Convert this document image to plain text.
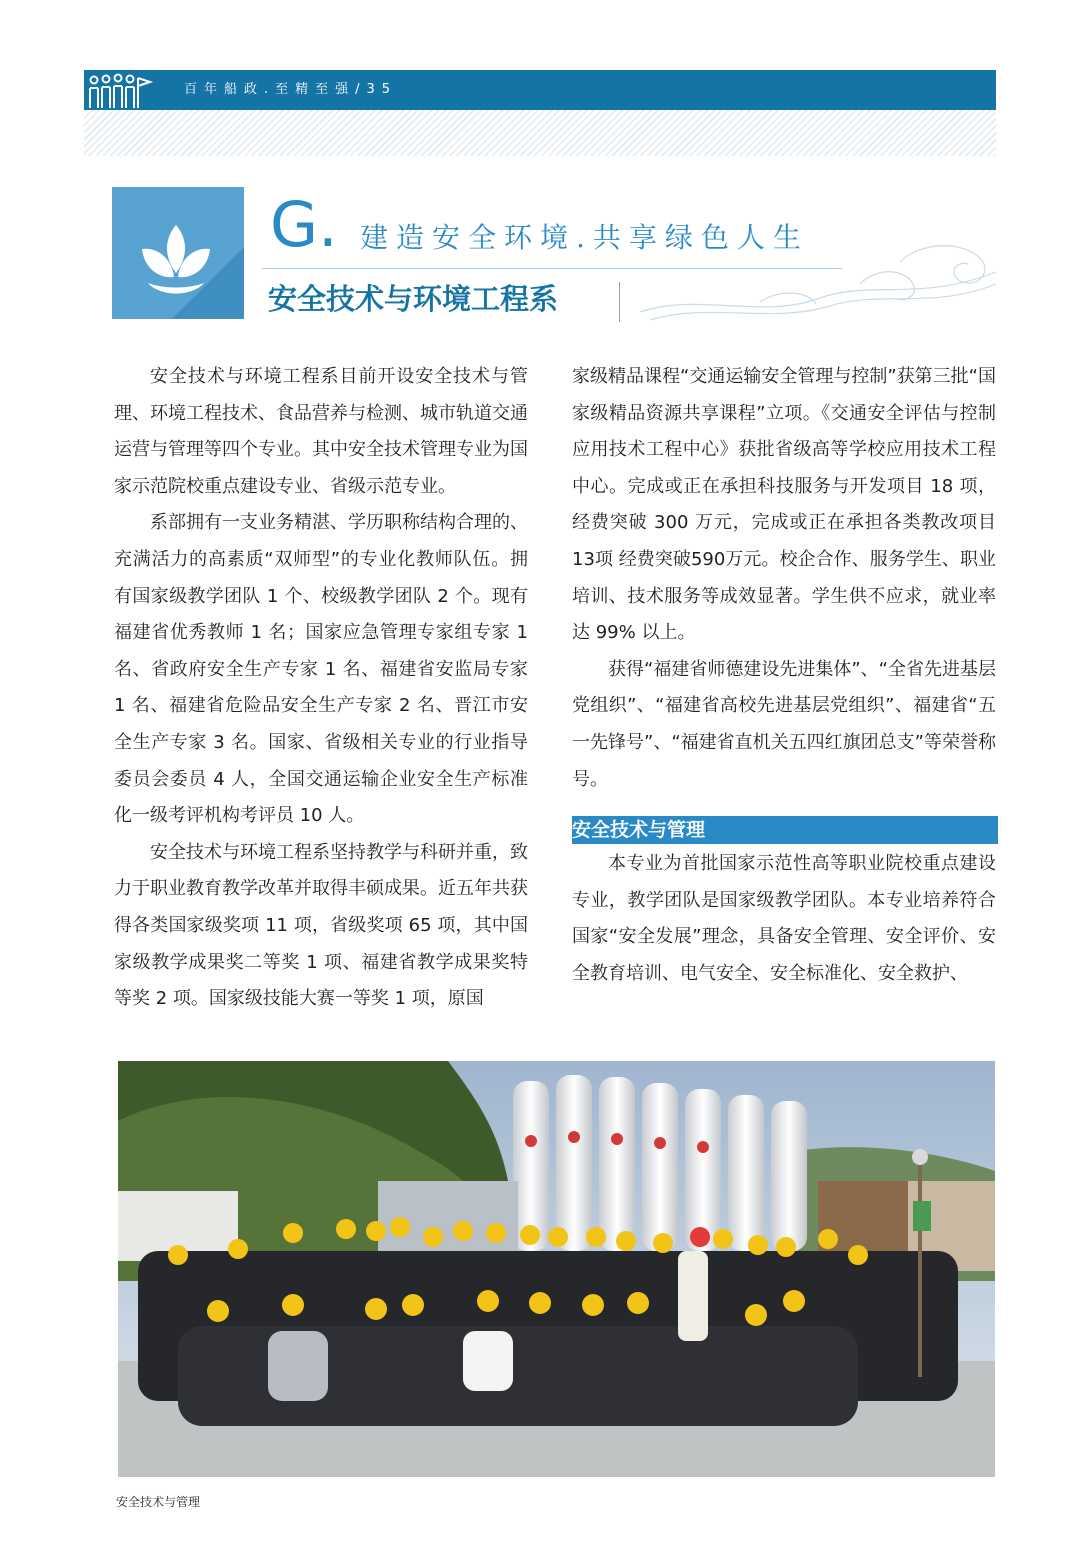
百年船政.至精至强/35
G. 建造安全环境.共享绿色人生
安全技术与环境工程系

安全技术与环境工程系目前开设安全技术与管理、环境工程技术、食品营养与检测、城市轨道交通运营与管理等四个专业。其中安全技术管理专业为国家示范院校重点建设专业、省级示范专业。

系部拥有一支业务精湛、学历职称结构合理的、充满活力的高素质“双师型”的专业化教师队伍。拥有国家级教学团队 1 个、校级教学团队 2 个。现有福建省优秀教师 1 名；国家应急管理专家组专家 1 名、省政府安全生产专家 1 名、福建省安监局专家 1 名、福建省危险品安全生产专家 2 名、晋江市安全生产专家 3 名。国家、省级相关专业的行业指导委员会委员 4 人，全国交通运输企业安全生产标准化一级考评机构考评员 10 人。

安全技术与环境工程系坚持教学与科研并重，致力于职业教育教学改革并取得丰硕成果。近五年共获得各类国家级奖项 11 项，省级奖项 65 项，其中国家级教学成果奖二等奖 1 项、福建省教学成果奖特等奖 2 项。国家级技能大赛一等奖 1 项，原国

家级精品课程“交通运输安全管理与控制”获第三批“国家级精品资源共享课程”立项。《交通安全评估与控制应用技术工程中心》获批省级高等学校应用技术工程中心。完成或正在承担科技服务与开发项目 18 项，经费突破 300 万元，完成或正在承担各类教改项目13项 经费突破590万元。校企合作、服务学生、职业培训、技术服务等成效显著。学生供不应求，就业率达 99% 以上。

获得“福建省师德建设先进集体”、“全省先进基层党组织”、“福建省高校先进基层党组织”、福建省“五一先锋号”、“福建省直机关五四红旗团总支”等荣誉称号。

安全技术与管理

本专业为首批国家示范性高等职业院校重点建设专业，教学团队是国家级教学团队。本专业培养符合国家“安全发展”理念，具备安全管理、安全评价、安全教育培训、电气安全、安全标准化、安全救护、

安全技术与管理
